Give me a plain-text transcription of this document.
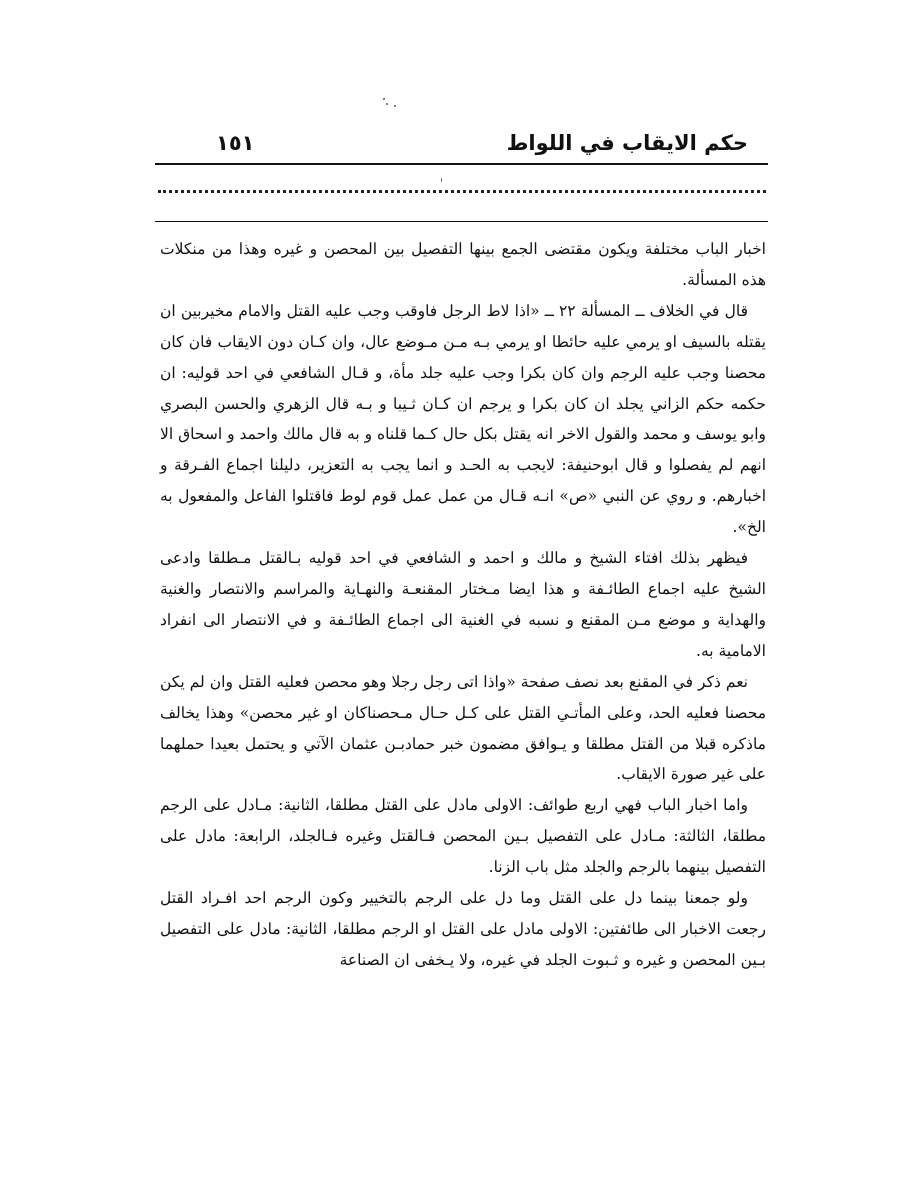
حكم الايقاب في اللواط
١٥١

اخبار الباب مختلفة ويكون مقتضى الجمع بينها التفصيل بين المحصن و غيره وهذا من منكلات هذه المسألة.

قال في الخلاف ــ المسألة ٢٢ ــ «اذا لاط الرجل فاوقب وجب عليه القتل والامام مخيربين ان يقتله بالسيف او يرمي عليه حائطا او يرمي بـه مـن مـوضع عال، وان كـان دون الايقاب فان كان محصنا وجب عليه الرجم وان كان بكرا وجب عليه جلد مأة، و قـال الشافعي في احد قوليه: ان حكمه حكم الزاني يجلد ان كان بكرا و يرجم ان كـان ثـيبا و بـه قال الزهري والحسن البصري وابو يوسف و محمد والقول الاخر انه يقتل بكل حال كـما قلناه و به قال مالك واحمد و اسحاق الا انهم لم يفصلوا و قال ابوحنيفة: لايجب به الحـد و انما يجب به التعزير، دليلنا اجماع الفـرقة و اخبارهم. و روي عن النبي «ص» انـه قـال من عمل عمل قوم لوط فاقتلوا الفاعل والمفعول به الخ».

فيظهر بذلك افتاء الشيخ و مالك و احمد و الشافعي في احد قوليه بـالقتل مـطلقا وادعى الشيخ عليه اجماع الطائـفة و هذا ايضا مـختار المقنعـة والنهـاية والمراسم والانتصار والغنية والهداية و موضع مـن المقنع و نسبه في الغنية الى اجماع الطائـفة و في الانتصار الى انفراد الامامية به.

نعم ذكر في المقنع بعد نصف صفحة «واذا اتى رجل رجلا وهو محصن فعليه القتل وان لم يكن محصنا فعليه الحد، وعلى المأتـي القتل على كـل حـال مـحصناكان او غير محصن» وهذا يخالف ماذكره قبلا من القتل مطلقا و يـوافق مضمون خبر حمادبـن عثمان الآتي و يحتمل بعيدا حملهما على غير صورة الايقاب.

واما اخبار الباب فهي اربع طوائف: الاولى مادل على القتل مطلقا، الثانية: مـادل على الرجم مطلقا، الثالثة: مـادل على التفصيل بـين المحصن فـالقتل وغيره فـالجلد، الرابعة: مادل على التفصيل بينهما بالرجم والجلد مثل باب الزنا.

ولو جمعنا بينما دل على القتل وما دل على الرجم بالتخيير وكون الرجم احد افـراد القتل رجعت الاخبار الى طائفتين: الاولى مادل على القتل او الرجم مطلقا، الثانية: مادل على التفصيل بـين المحصن و غيره و ثـبوت الجلد في غيره، ولا يـخفى ان الصناعة
